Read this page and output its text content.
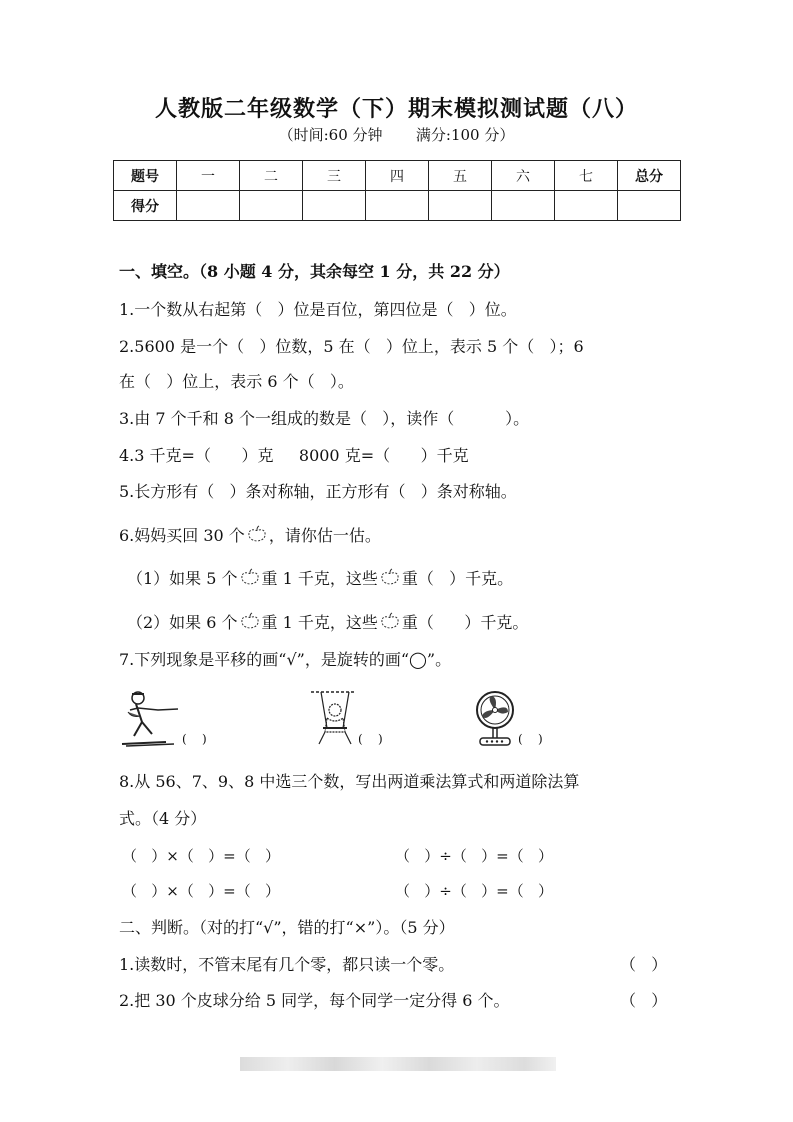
人教版二年级数学（下）期末模拟测试题（八）
（时间:60 分钟       满分:100 分）
题号	一	二	三	四	五	六	七	总分
得分								
一、填空。（8 小题 4 分，其余每空 1 分，共 22 分）
1.一个数从右起第（   ）位是百位，第四位是（   ）位。
2.5600 是一个（   ）位数，5 在（   ）位上，表示 5 个（   ）；6
在（   ）位上，表示 6 个（   ）。
3.由 7 个千和 8 个一组成的数是（   ），读作（          ）。
4.3 千克=（      ）克     8000 克=（      ）千克
5.长方形有（   ）条对称轴，正方形有（   ）条对称轴。
6.妈妈买回 30 个 ，请你估一估。
（1）如果 5 个 重 1 千克，这些 重（   ）千克。
（2）如果 6 个 重 1 千克，这些 重（      ）千克。
7.下列现象是平移的画“√”，是旋转的画“◯”。
(    )	(    )	(    )
8.从 56、7、9、8 中选三个数，写出两道乘法算式和两道除法算
式。（4 分）
（   ）×（   ）=（   ）	（   ）÷（   ）=（   ）
（   ）×（   ）=（   ）	（   ）÷（   ）=（   ）
二、判断。（对的打“√”，错的打“×”）。（5 分）
1.读数时，不管末尾有几个零，都只读一个零。	（   ）
2.把 30 个皮球分给 5 同学，每个同学一定分得 6 个。	（   ）
